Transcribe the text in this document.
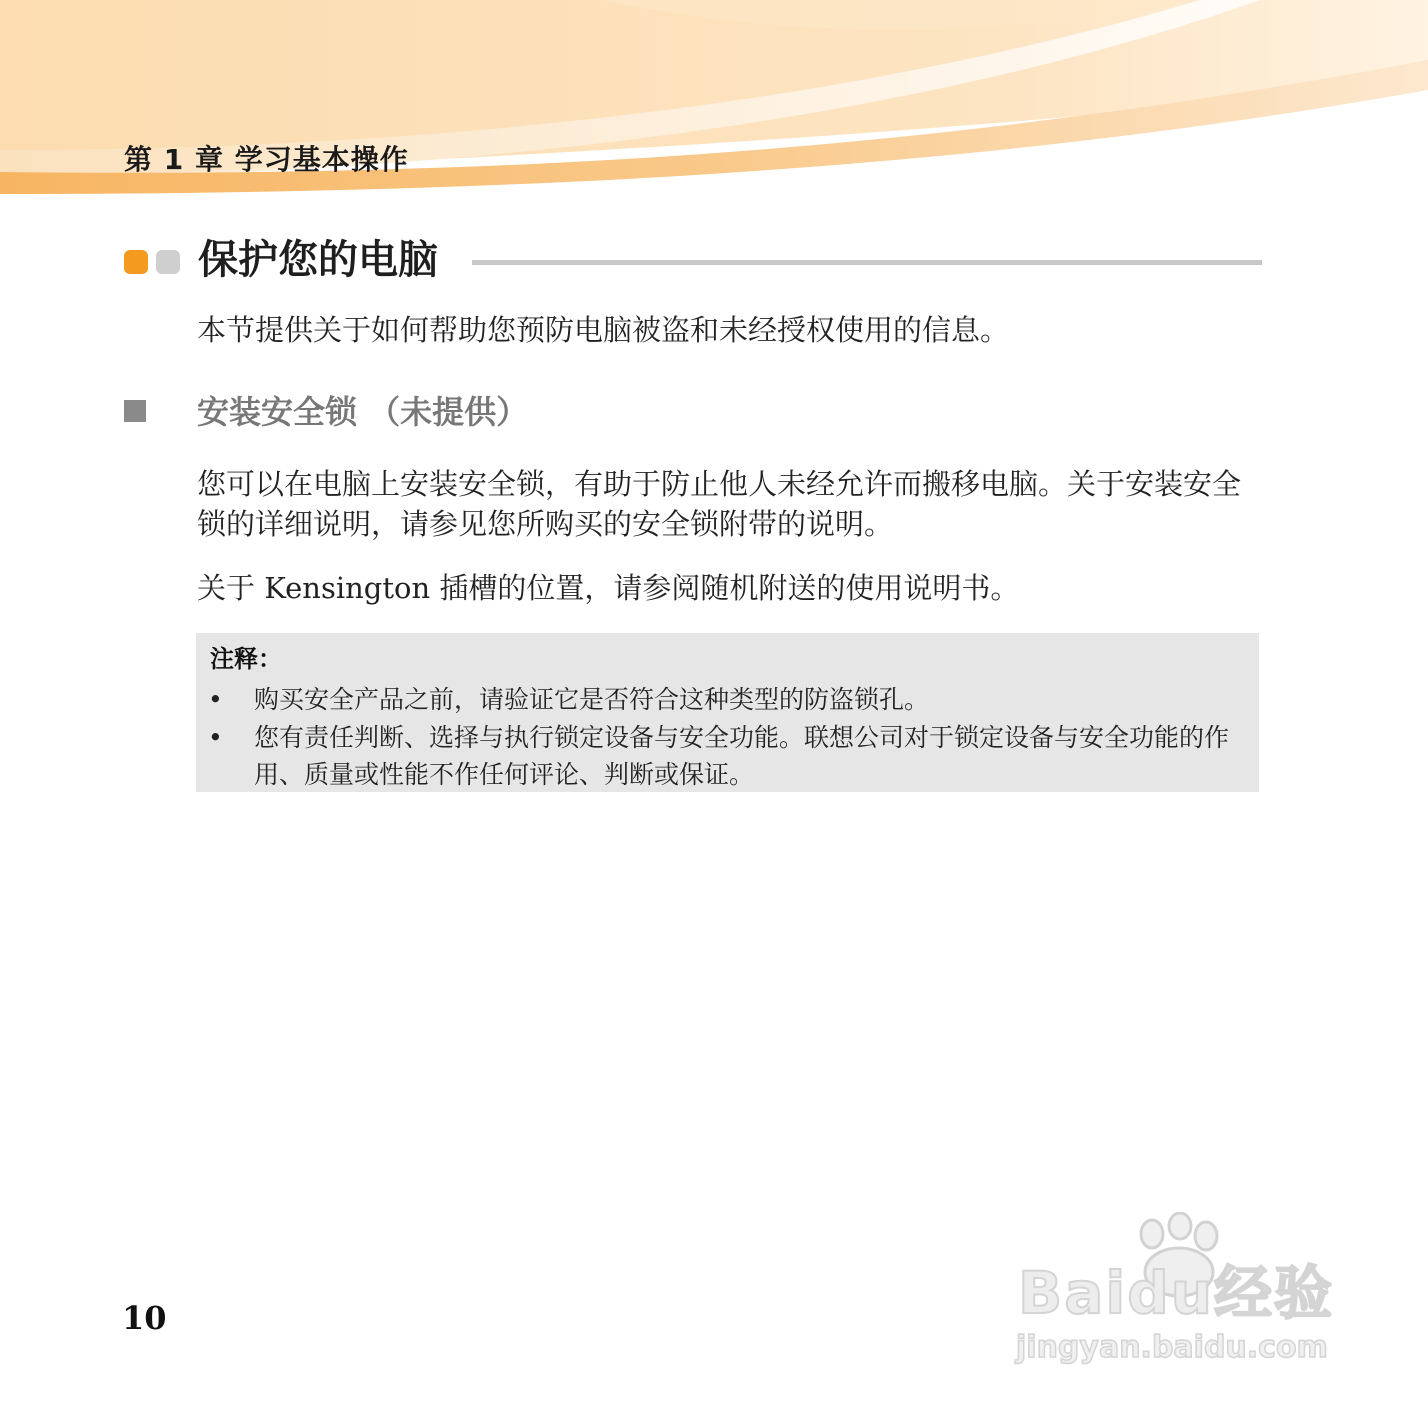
第 1 章 学习基本操作
保护您的电脑
本节提供关于如何帮助您预防电脑被盗和未经授权使用的信息。
安装安全锁 （未提供）

您可以在电脑上安装安全锁，有助于防止他人未经允许而搬移电脑。关于安装安全锁的详细说明，请参见您所购买的安全锁附带的说明。

关于 Kensington 插槽的位置，请参阅随机附送的使用说明书。

注释：
• 购买安全产品之前，请验证它是否符合这种类型的防盗锁孔。
• 您有责任判断、选择与执行锁定设备与安全功能。联想公司对于锁定设备与安全功能的作用、质量或性能不作任何评论、判断或保证。
10	Baidu经验
jingyan.baidu.com
